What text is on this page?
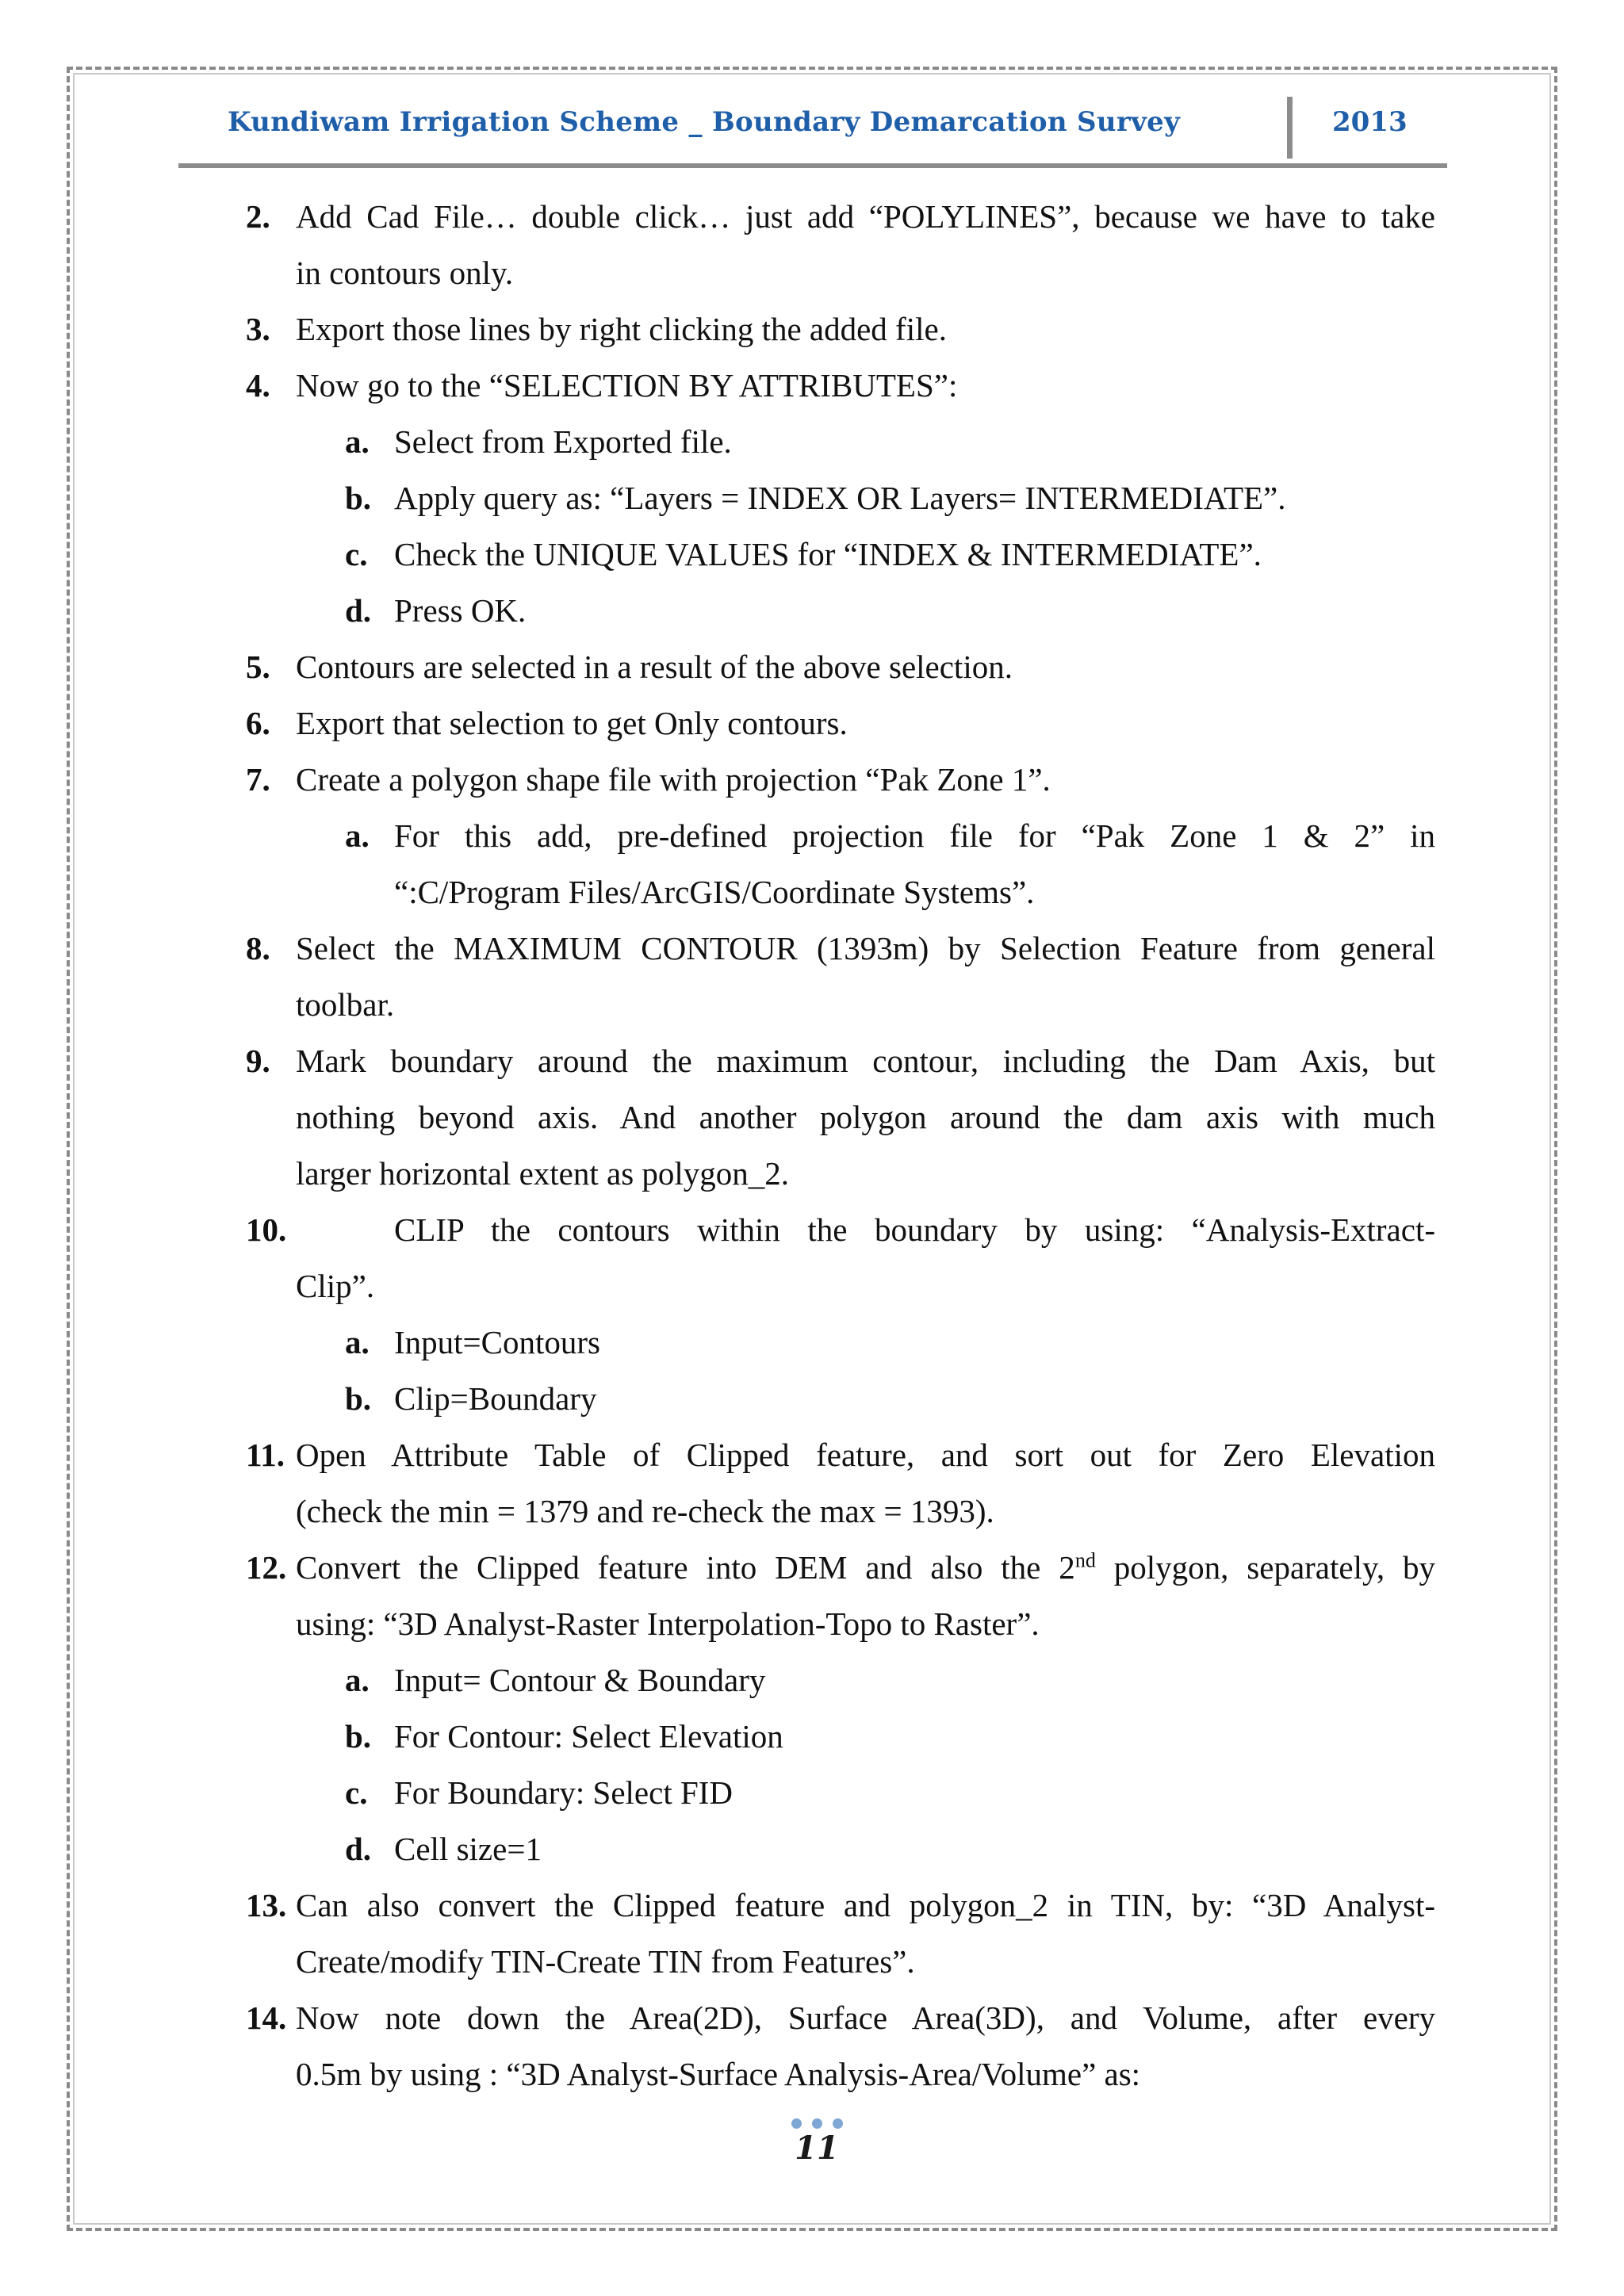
Kundiwam Irrigation Scheme _ Boundary Demarcation Survey	2013
2. Add Cad File… double click… just add “POLYLINES”, because we have to take
in contours only.
3. Export those lines by right clicking the added file.
4. Now go to the “SELECTION BY ATTRIBUTES”:
a. Select from Exported file.
b. Apply query as: “Layers = INDEX OR Layers= INTERMEDIATE”.
c. Check the UNIQUE VALUES for “INDEX & INTERMEDIATE”.
d. Press OK.
5. Contours are selected in a result of the above selection.
6. Export that selection to get Only contours.
7. Create a polygon shape file with projection “Pak Zone 1”.
a. For this add, pre-defined projection file for “Pak Zone 1 & 2” in
“:C/Program Files/ArcGIS/Coordinate Systems”.
8. Select the MAXIMUM CONTOUR (1393m) by Selection Feature from general
toolbar.
9. Mark boundary around the maximum contour, including the Dam Axis, but
nothing beyond axis. And another polygon around the dam axis with much
larger horizontal extent as polygon_2.
10.	CLIP the contours within the boundary by using: “Analysis-Extract-
Clip”.
a. Input=Contours
b. Clip=Boundary
11. Open Attribute Table of Clipped feature, and sort out for Zero Elevation
(check the min = 1379 and re-check the max = 1393).
12. Convert the Clipped feature into DEM and also the 2nd polygon, separately, by
using: “3D Analyst-Raster Interpolation-Topo to Raster”.
a. Input= Contour & Boundary
b. For Contour: Select Elevation
c. For Boundary: Select FID
d. Cell size=1
13. Can also convert the Clipped feature and polygon_2 in TIN, by: “3D Analyst-
Create/modify TIN-Create TIN from Features”.
14. Now note down the Area(2D), Surface Area(3D), and Volume, after every
0.5m by using : “3D Analyst-Surface Analysis-Area/Volume” as:
11
